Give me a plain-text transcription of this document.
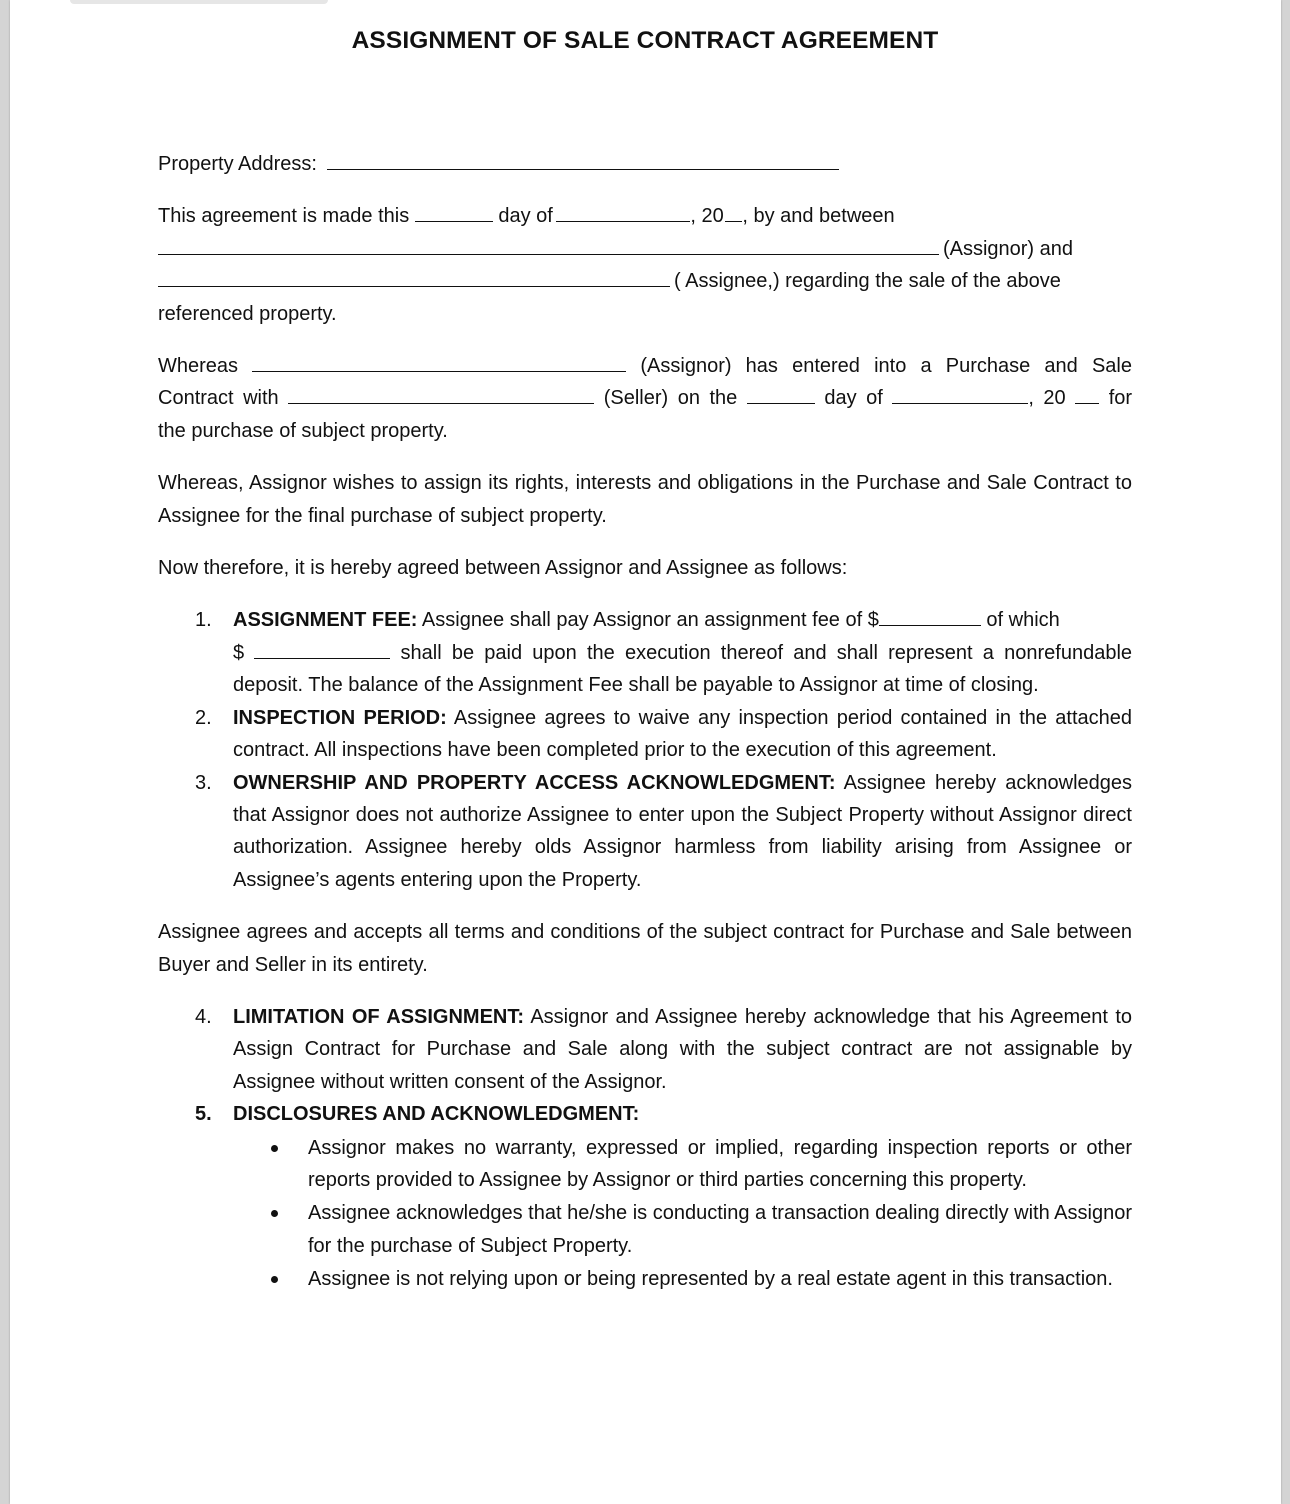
ASSIGNMENT OF SALE CONTRACT AGREEMENT

Property Address:

This agreement is made this	day of	, 20 , by and between

(Assignor) and
( Assignee,) regarding the sale of the above

referenced property.

Whereas	(Assignor) has entered into a Purchase and Sale

Contract with	(Seller) on the	day of	, 20 for

the purchase of subject property.

Whereas, Assignor wishes to assign its rights, interests and obligations in the Purchase and Sale Contract to Assignee for the final purchase of subject property.

Now therefore, it is hereby agreed between Assignor and Assignee as follows:

1. ASSIGNMENT FEE: Assignee shall pay Assignor an assignment fee of $	of which
$	shall be paid upon the execution thereof and shall represent a nonrefundable
deposit. The balance of the Assignment Fee shall be payable to Assignor at time of closing.
2. INSPECTION PERIOD: Assignee agrees to waive any inspection period contained in the attached contract. All inspections have been completed prior to the execution of this agreement.
3. OWNERSHIP AND PROPERTY ACCESS ACKNOWLEDGMENT: Assignee hereby acknowledges that Assignor does not authorize Assignee to enter upon the Subject Property without Assignor direct authorization. Assignee hereby olds Assignor harmless from liability arising from Assignee or Assignee’s agents entering upon the Property.

Assignee agrees and accepts all terms and conditions of the subject contract for Purchase and Sale between Buyer and Seller in its entirety.

4. LIMITATION OF ASSIGNMENT: Assignor and Assignee hereby acknowledge that his Agreement to Assign Contract for Purchase and Sale along with the subject contract are not assignable by Assignee without written consent of the Assignor.
5. DISCLOSURES AND ACKNOWLEDGMENT:
Assignor makes no warranty, expressed or implied, regarding inspection reports or other reports provided to Assignee by Assignor or third parties concerning this property.
Assignee acknowledges that he/she is conducting a transaction dealing directly with Assignor for the purchase of Subject Property.
Assignee is not relying upon or being represented by a real estate agent in this transaction.
